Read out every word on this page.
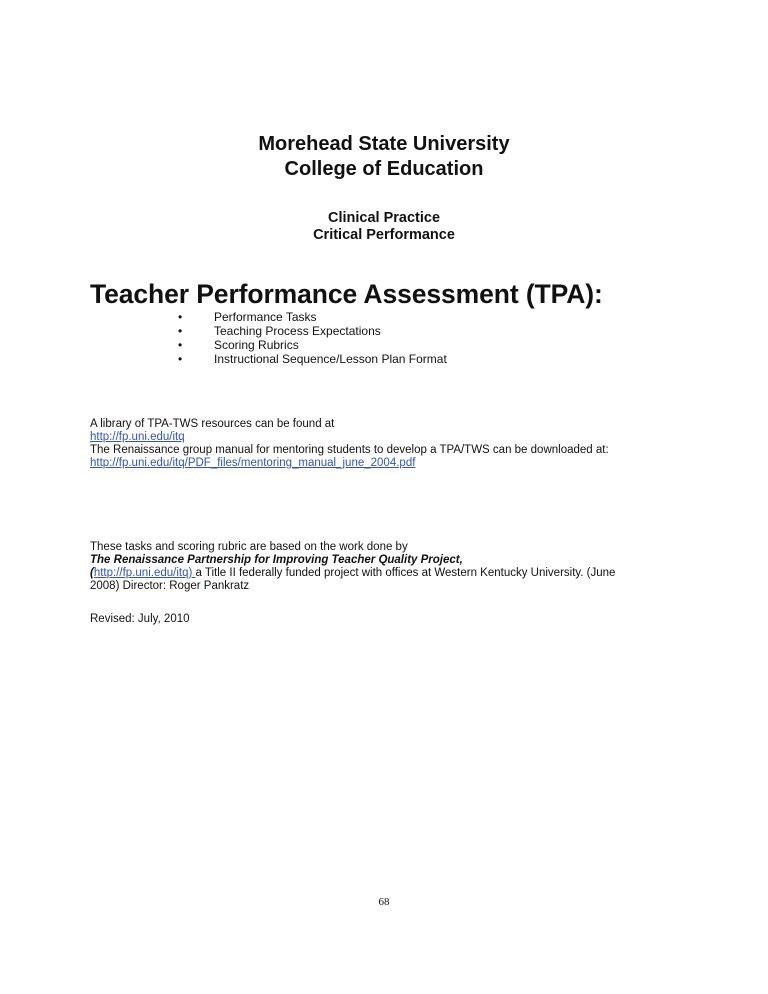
Morehead State University
College of Education
Clinical Practice
Critical Performance
Teacher Performance Assessment (TPA):
•	Performance Tasks
•	Teaching Process Expectations
•	Scoring Rubrics
•	Instructional Sequence/Lesson Plan Format
A library of TPA-TWS resources can be found at
http://fp.uni.edu/itq
The Renaissance group manual for mentoring students to develop a TPA/TWS can be downloaded at:
http://fp.uni.edu/itq/PDF_files/mentoring_manual_june_2004.pdf
These tasks and scoring rubric are based on the work done by
The Renaissance Partnership for Improving Teacher Quality Project,
(http://fp.uni.edu/itq) a Title II federally funded project with offices at Western Kentucky University. (June
2008) Director: Roger Pankratz
Revised: July, 2010
68
